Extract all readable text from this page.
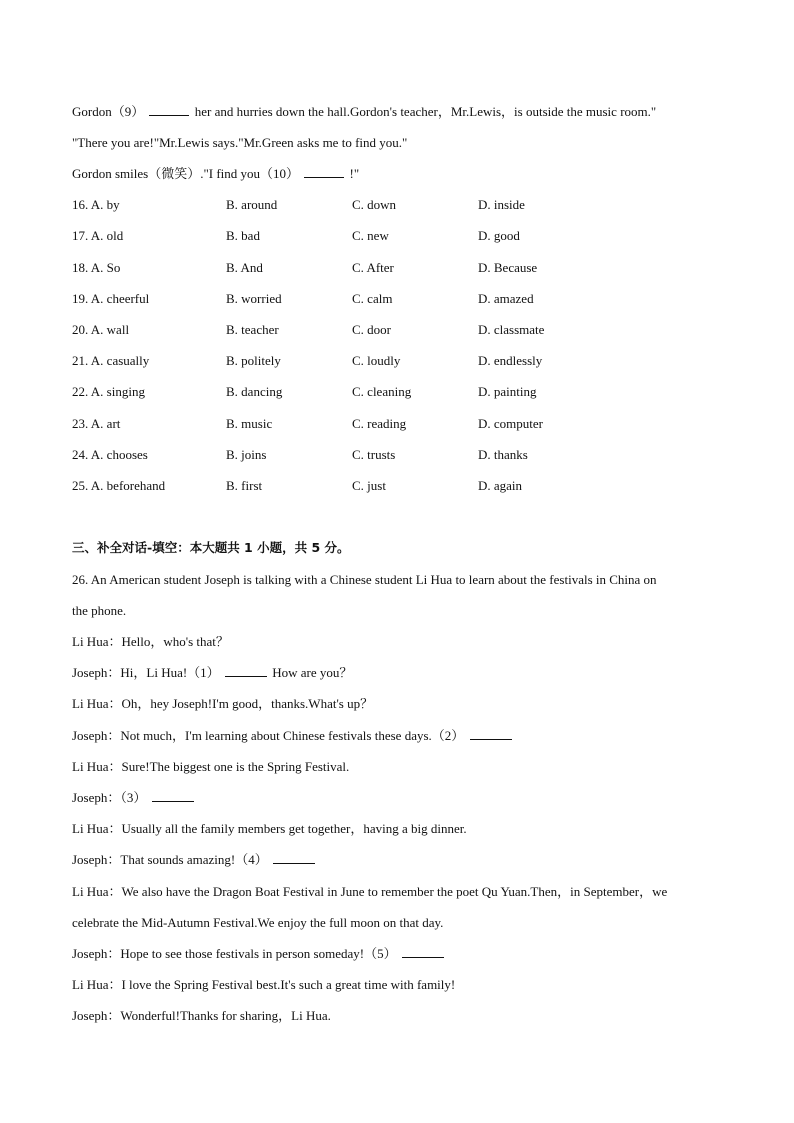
Gordon（9）	her and hurries down the hall.Gordon's teacher，Mr.Lewis，is outside the music room."
"There you are!"Mr.Lewis says."Mr.Green asks me to find you."
Gordon smiles（微笑）."I find you（10）	!"
16. A. by	B. around	C. down	D. inside
17. A. old	B. bad	C. new	D. good
18. A. So	B. And	C. After	D. Because
19. A. cheerful	B. worried	C. calm	D. amazed
20. A. wall	B. teacher	C. door	D. classmate
21. A. casually	B. politely	C. loudly	D. endlessly
22. A. singing	B. dancing	C. cleaning	D. painting
23. A. art	B. music	C. reading	D. computer
24. A. chooses	B. joins	C. trusts	D. thanks
25. A. beforehand	B. first	C. just	D. again
三、补全对话-填空：本大题共 1 小题，共 5 分。
26. An American student Joseph is talking with a Chinese student Li Hua to learn about the festivals in China on
the phone.
Li Hua：Hello，who's that？
Joseph：Hi，Li Hua!（1）	How are you？
Li Hua：Oh，hey Joseph!I'm good，thanks.What's up？
Joseph：Not much，I'm learning about Chinese festivals these days.（2）
Li Hua：Sure!The biggest one is the Spring Festival.
Joseph：（3）
Li Hua：Usually all the family members get together，having a big dinner.
Joseph：That sounds amazing!（4）
Li Hua：We also have the Dragon Boat Festival in June to remember the poet Qu Yuan.Then，in September，we
celebrate the Mid-Autumn Festival.We enjoy the full moon on that day.
Joseph：Hope to see those festivals in person someday!（5）
Li Hua：I love the Spring Festival best.It's such a great time with family!
Joseph：Wonderful!Thanks for sharing，Li Hua.
